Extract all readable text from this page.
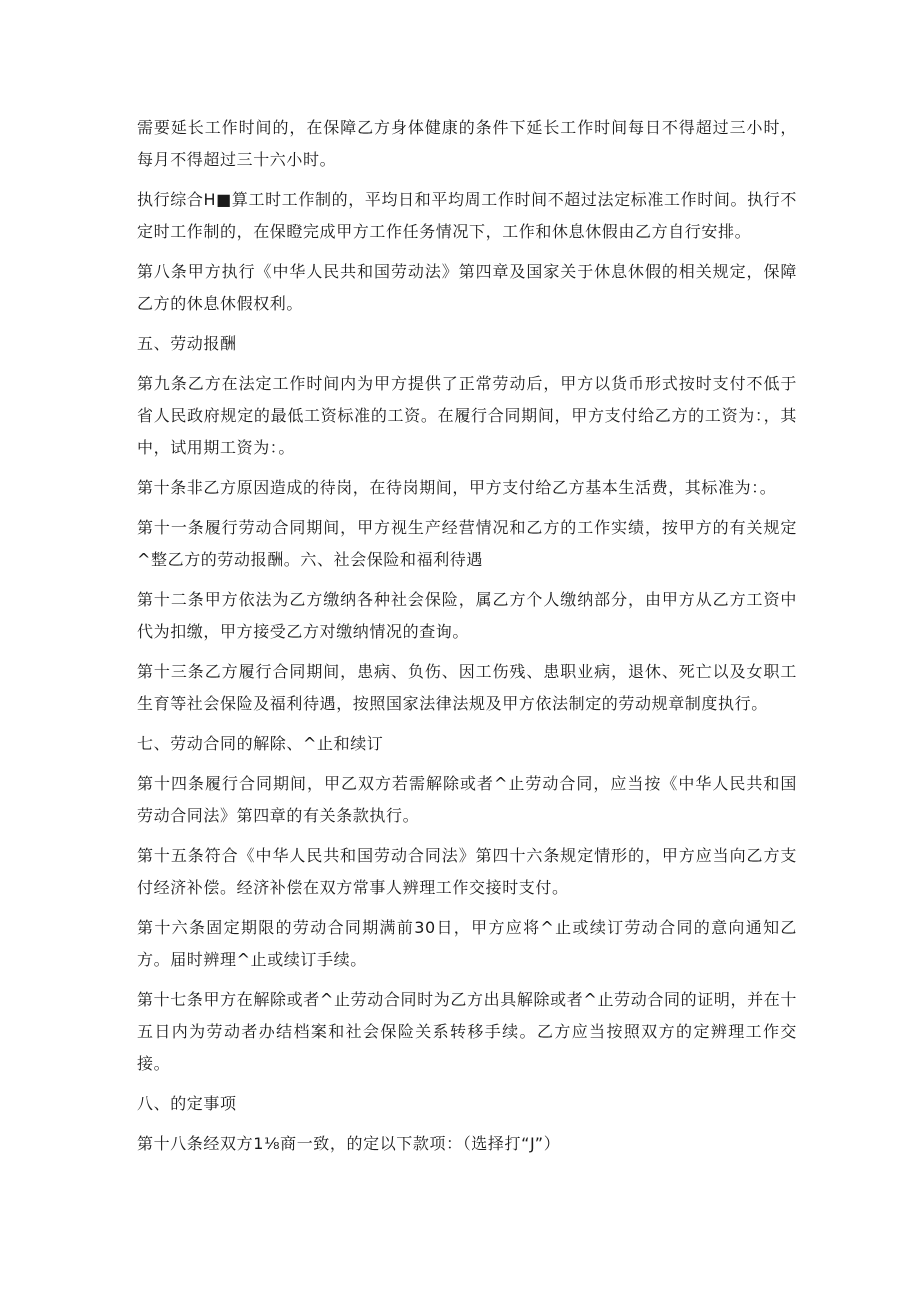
需要延长工作时间的，在保障乙方身体健康的条件下延长工作时间每日不得超过三小时，每月不得超过三十六小时。

执行综合H■算工时工作制的，平均日和平均周工作时间不超过法定标准工作时间。执行不定时工作制的，在保瞪完成甲方工作任务情况下，工作和休息休假由乙方自行安排。

第八条甲方执行《中华人民共和国劳动法》第四章及国家关于休息休假的相关规定，保障乙方的休息休假权利。

五、劳动报酬

第九条乙方在法定工作时间内为甲方提供了正常劳动后，甲方以货币形式按时支付不低于省人民政府规定的最低工资标准的工资。在履行合同期间，甲方支付给乙方的工资为：，其中，试用期工资为：。

第十条非乙方原因造成的待岗，在待岗期间，甲方支付给乙方基本生活费，其标准为：。

第十一条履行劳动合同期间，甲方视生产经营情况和乙方的工作实绩，按甲方的有关规定^整乙方的劳动报酬。六、社会保险和福利待遇

第十二条甲方依法为乙方缴纳各种社会保险，属乙方个人缴纳部分，由甲方从乙方工资中代为扣缴，甲方接受乙方对缴纳情况的查询。

第十三条乙方履行合同期间，患病、负伤、因工伤残、患职业病，退休、死亡以及女职工生育等社会保险及福利待遇，按照国家法律法规及甲方依法制定的劳动规章制度执行。

七、劳动合同的解除、^止和续订

第十四条履行合同期间，甲乙双方若需解除或者^止劳动合同，应当按《中华人民共和国劳动合同法》第四章的有关条款执行。

第十五条符合《中华人民共和国劳动合同法》第四十六条规定情形的，甲方应当向乙方支付经济补偿。经济补偿在双方常事人辨理工作交接时支付。

第十六条固定期限的劳动合同期满前30日，甲方应将^止或续订劳动合同的意向通知乙方。届时辨理^止或续订手续。

第十七条甲方在解除或者^止劳动合同时为乙方出具解除或者^止劳动合同的证明，并在十五日内为劳动者办结档案和社会保险关系转移手续。乙方应当按照双方的定辨理工作交接。

八、的定事项

第十八条经双方1⅛商一致，的定以下款项：（选择打“J”）
